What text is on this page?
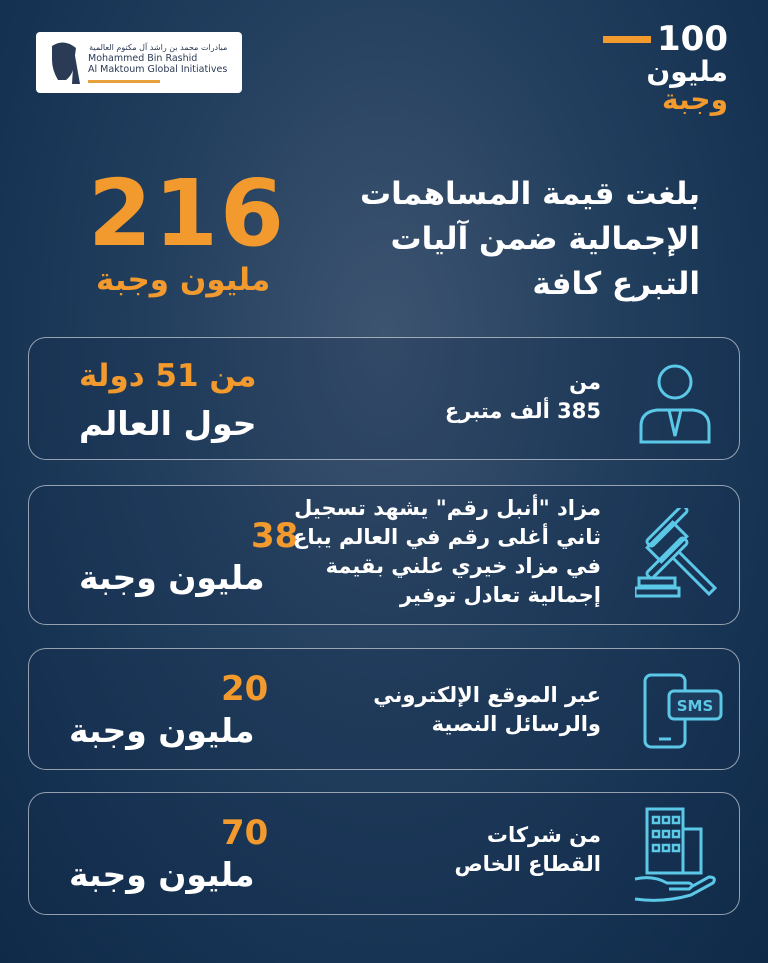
مبادرات محمد بن راشد آل مكتوم العالمية
Mohammed Bin Rashid
Al Maktoum Global Initiatives
100
مليون
وجبة
216
مليون وجبة
بلغت قيمة المساهمات الإجمالية ضمن آليات التبرع كافة
من 51 دولة
حول العالم
من
385 ألف متبرع
38
مليون وجبة
مزاد "أنبل رقم" يشهد تسجيل
ثاني أغلى رقم في العالم يباع
في مزاد خيري علني بقيمة
إجمالية تعادل توفير
20
مليون وجبة
عبر الموقع الإلكتروني
والرسائل النصية
SMS
70
مليون وجبة
من شركات
القطاع الخاص
